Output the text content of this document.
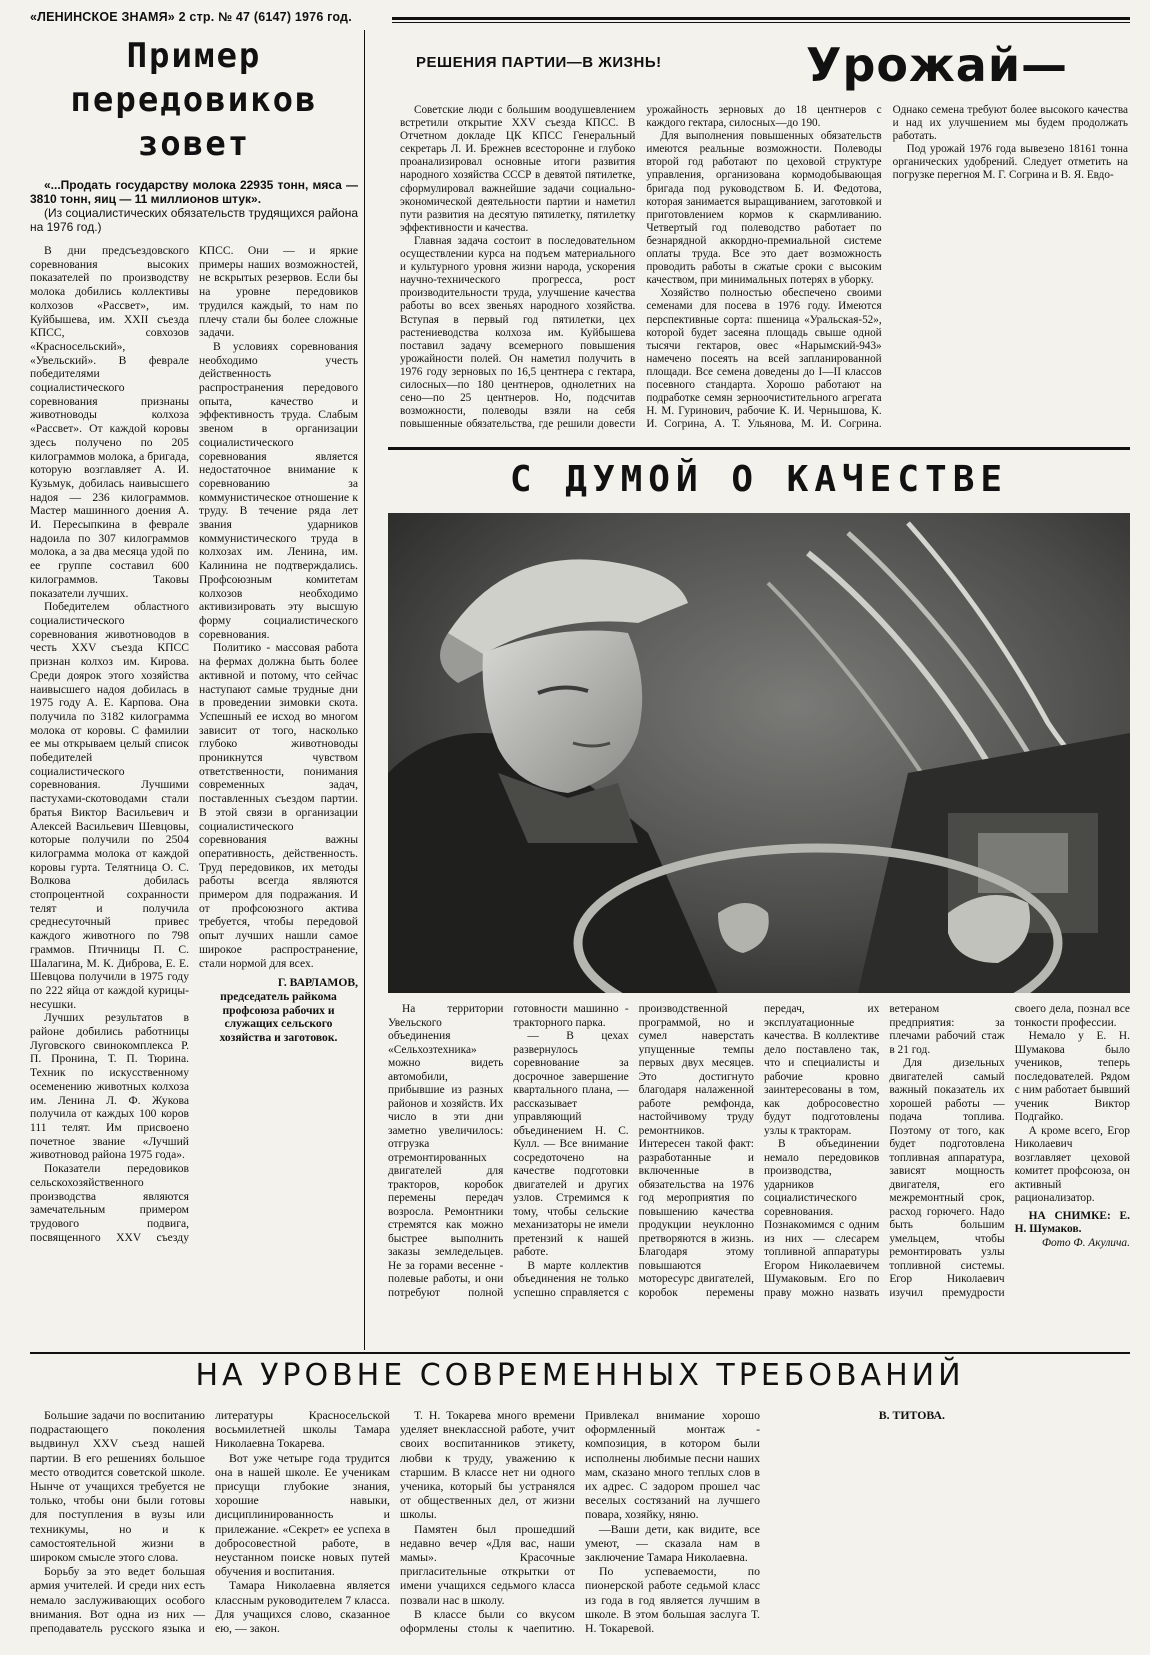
«ЛЕНИНСКОЕ ЗНАМЯ» 2 стр. № 47 (6147) 1976 год.
Пример
передовиков
зовет
«...Продать государству молока 22935 тонн, мяса — 3810 тонн, яиц — 11 миллионов штук».
(Из социалистических обязательств трудящихся района на 1976 год.)

В дни предсъездовского соревнования высоких показателей по производству молока добились коллективы колхозов «Рассвет», им. Куйбышева, им. XXII съезда КПСС, совхозов «Красносельский», «Увельский». В феврале победителями социалистического соревнования признаны животноводы колхоза «Рассвет». От каждой коровы здесь получено по 205 килограммов молока, а бригада, которую возглавляет А. И. Кузьмук, добилась наивысшего надоя — 236 килограммов. Мастер машинного доения А. И. Пересыпкина в феврале надоила по 307 килограммов молока, а за два месяца удой по ее группе составил 600 килограммов. Таковы показатели лучших.

Победителем областного социалистического соревнования животноводов в честь XXV съезда КПСС признан колхоз им. Кирова. Среди доярок этого хозяйства наивысшего надоя добилась в 1975 году А. Е. Карпова. Она получила по 3182 килограмма молока от коровы. С фамилии ее мы открываем целый список победителей социалистического соревнования. Лучшими пастухами-скотоводами стали братья Виктор Васильевич и Алексей Васильевич Шевцовы, которые получили по 2504 килограмма молока от каждой коровы гурта. Телятница О. С. Волкова добилась стопроцентной сохранности телят и получила среднесуточный привес каждого животного по 798 граммов. Птичницы П. С. Шалагина, М. К. Диброва, Е. Е. Шевцова получили в 1975 году по 222 яйца от каждой курицы-несушки.

Лучших результатов в районе добились работницы Луговского свинокомплекса Р. П. Пронина, Т. П. Тюрина. Техник по искусственному осеменению животных колхоза им. Ленина Л. Ф. Жукова получила от каждых 100 коров 111 телят. Им присвоено почетное звание «Лучший животновод района 1975 года».

Показатели передовиков сельскохозяйственного производства являются замечательным примером трудового подвига, посвященного XXV съезду КПСС. Они — и яркие примеры наших возможностей, не вскрытых резервов. Если бы на уровне передовиков трудился каждый, то нам по плечу стали бы более сложные задачи.

В условиях соревнования необходимо учесть действенность распространения передового опыта, качество и эффективность труда. Слабым звеном в организации социалистического соревнования является недостаточное внимание к соревнованию за коммунистическое отношение к труду. В течение ряда лет звания ударников коммунистического труда в колхозах им. Ленина, им. Калинина не подтверждались. Профсоюзным комитетам колхозов необходимо активизировать эту высшую форму социалистического соревнования.

Политико - массовая работа на фермах должна быть более активной и потому, что сейчас наступают самые трудные дни в проведении зимовки скота. Успешный ее исход во многом зависит от того, насколько глубоко животноводы проникнутся чувством ответственности, понимания современных задач, поставленных съездом партии. В этой связи в организации социалистического соревнования важны оперативность, действенность. Труд передовиков, их методы работы всегда являются примером для подражания. И от профсоюзного актива требуется, чтобы передовой опыт лучших нашли самое широкое распространение, стали нормой для всех.

Г. ВАРЛАМОВ,
председатель райкома профсоюза рабочих и служащих сельского хозяйства и заготовок.
РЕШЕНИЯ ПАРТИИ—В ЖИЗНЬ!	Урожай—

Советские люди с большим воодушевлением встретили открытие XXV съезда КПСС. В Отчетном докладе ЦК КПСС Генеральный секретарь Л. И. Брежнев всесторонне и глубоко проанализировал основные итоги развития народного хозяйства СССР в девятой пятилетке, сформулировал важнейшие задачи социально-экономической деятельности партии и наметил пути развития на десятую пятилетку, пятилетку эффективности и качества.

Главная задача состоит в последовательном осуществлении курса на подъем материального и культурного уровня жизни народа, ускорения научно-технического прогресса, рост производительности труда, улучшение качества работы во всех звеньях народного хозяйства. Вступая в первый год пятилетки, цех растениеводства колхоза им. Куйбышева поставил задачу всемерного повышения урожайности полей. Он наметил получить в 1976 году зерновых по 16,5 центнера с гектара, силосных—по 180 центнеров, однолетних на сено—по 25 центнеров. Но, подсчитав возможности, полеводы взяли на себя повышенные обязательства, где решили довести урожайность зерновых до 18 центнеров с каждого гектара, силосных—до 190.

Для выполнения повышенных обязательств имеются реальные возможности. Полеводы второй год работают по цеховой структуре управления, организована кормодобывающая бригада под руководством Б. И. Федотова, которая занимается выращиванием, заготовкой и приготовлением кормов к скармливанию. Четвертый год полеводство работает по безнарядной аккордно-премиальной системе оплаты труда. Все это дает возможность проводить работы в сжатые сроки с высоким качеством, при минимальных потерях в уборку.

Хозяйство полностью обеспечено своими семенами для посева в 1976 году. Имеются перспективные сорта: пшеница «Уральская-52», которой будет засеяна площадь свыше одной тысячи гектаров, овес «Нарымский-943» намечено посеять на всей запланированной площади. Все семена доведены до I—II классов посевного стандарта. Хорошо работают на подработке семян зерноочистительного агрегата Н. М. Гуринович, рабочие К. И. Чернышова, К. И. Согрина, А. Т. Ульянова, М. И. Согрина. Однако семена требуют более высокого качества и над их улучшением мы будем продолжать работать.

Под урожай 1976 года вывезено 18161 тонна органических удобрений. Следует отметить на погрузке перегноя М. Г. Согрина и В. Я. Евдо-

С ДУМОЙ О КАЧЕСТВЕ

На территории Увельского объединения «Сельхозтехника» можно видеть автомобили, прибывшие из разных районов и хозяйств. Их число в эти дни заметно увеличилось: отгрузка отремонтированных двигателей для тракторов, коробок перемены передач возросла. Ремонтники стремятся как можно быстрее выполнить заказы земледельцев. Не за горами весенне - полевые работы, и они потребуют полной готовности машинно - тракторного парка.

— В цехах развернулось соревнование за досрочное завершение квартального плана, — рассказывает управляющий объединением Н. С. Кулл. — Все внимание сосредоточено на качестве подготовки двигателей и других узлов. Стремимся к тому, чтобы сельские механизаторы не имели претензий к нашей работе.

В марте коллектив объединения не только успешно справляется с производственной программой, но и сумел наверстать упущенные темпы первых двух месяцев. Это достигнуто благодаря налаженной работе ремфонда, настойчивому труду ремонтников. Интересен такой факт: разработанные и включенные в обязательства на 1976 год мероприятия по повышению качества продукции неуклонно претворяются в жизнь. Благодаря этому повышаются моторесурс двигателей, коробок перемены передач, их эксплуатационные качества. В коллективе дело поставлено так, что и специалисты и рабочие кровно заинтересованы в том, как добросовестно будут подготовлены узлы к тракторам.

В объединении немало передовиков производства, ударников социалистического соревнования. Познакомимся с одним из них — слесарем топливной аппаратуры Егором Николаевичем Шумаковым. Его по праву можно назвать ветераном предприятия: за плечами рабочий стаж в 21 год.

Для дизельных двигателей самый важный показатель их хорошей работы — подача топлива. Поэтому от того, как будет подготовлена топливная аппаратура, зависят мощность двигателя, его межремонтный срок, расход горючего. Надо быть большим умельцем, чтобы ремонтировать узлы топливной системы. Егор Николаевич изучил премудрости своего дела, познал все тонкости профессии.

Немало у Е. Н. Шумакова было учеников, теперь последователей. Рядом с ним работает бывший ученик Виктор Подгайко.

А кроме всего, Егор Николаевич возглавляет цеховой комитет профсоюза, он активный рационализатор.

НА СНИМКЕ: Е. Н. Шумаков.
Фото Ф. Акулича.
НА УРОВНЕ СОВРЕМЕННЫХ ТРЕБОВАНИЙ

Большие задачи по воспитанию подрастающего поколения выдвинул XXV съезд нашей партии. В его решениях большое место отводится советской школе. Нынче от учащихся требуется не только, чтобы они были готовы для поступления в вузы или техникумы, но и к самостоятельной жизни в широком смысле этого слова.

Борьбу за это ведет большая армия учителей. И среди них есть немало заслуживающих особого внимания. Вот одна из них — преподаватель русского языка и литературы Красносельской восьмилетней школы Тамара Николаевна Токарева.

Вот уже четыре года трудится она в нашей школе. Ее ученикам присущи глубокие знания, хорошие навыки, дисциплинированность и прилежание. «Секрет» ее успеха в добросовестной работе, в неустанном поиске новых путей обучения и воспитания.

Тамара Николаевна является классным руководителем 7 класса. Для учащихся слово, сказанное ею, — закон.

Т. Н. Токарева много времени уделяет внеклассной работе, учит своих воспитанников этикету, любви к труду, уважению к старшим. В классе нет ни одного ученика, который бы устранялся от общественных дел, от жизни школы.

Памятен был прошедший недавно вечер «Для вас, наши мамы». Красочные пригласительные открытки от имени учащихся седьмого класса позвали нас в школу.

В классе были со вкусом оформлены столы к чаепитию. Привлекал внимание хорошо оформленный монтаж - композиция, в котором были исполнены любимые песни наших мам, сказано много теплых слов в их адрес. С задором прошел час веселых состязаний на лучшего повара, хозяйку, няню.

—Ваши дети, как видите, все умеют, — сказала нам в заключение Тамара Николаевна.

По успеваемости, по пионерской работе седьмой класс из года в год является лучшим в школе. В этом большая заслуга Т. Н. Токаревой.

В. ТИТОВА.
